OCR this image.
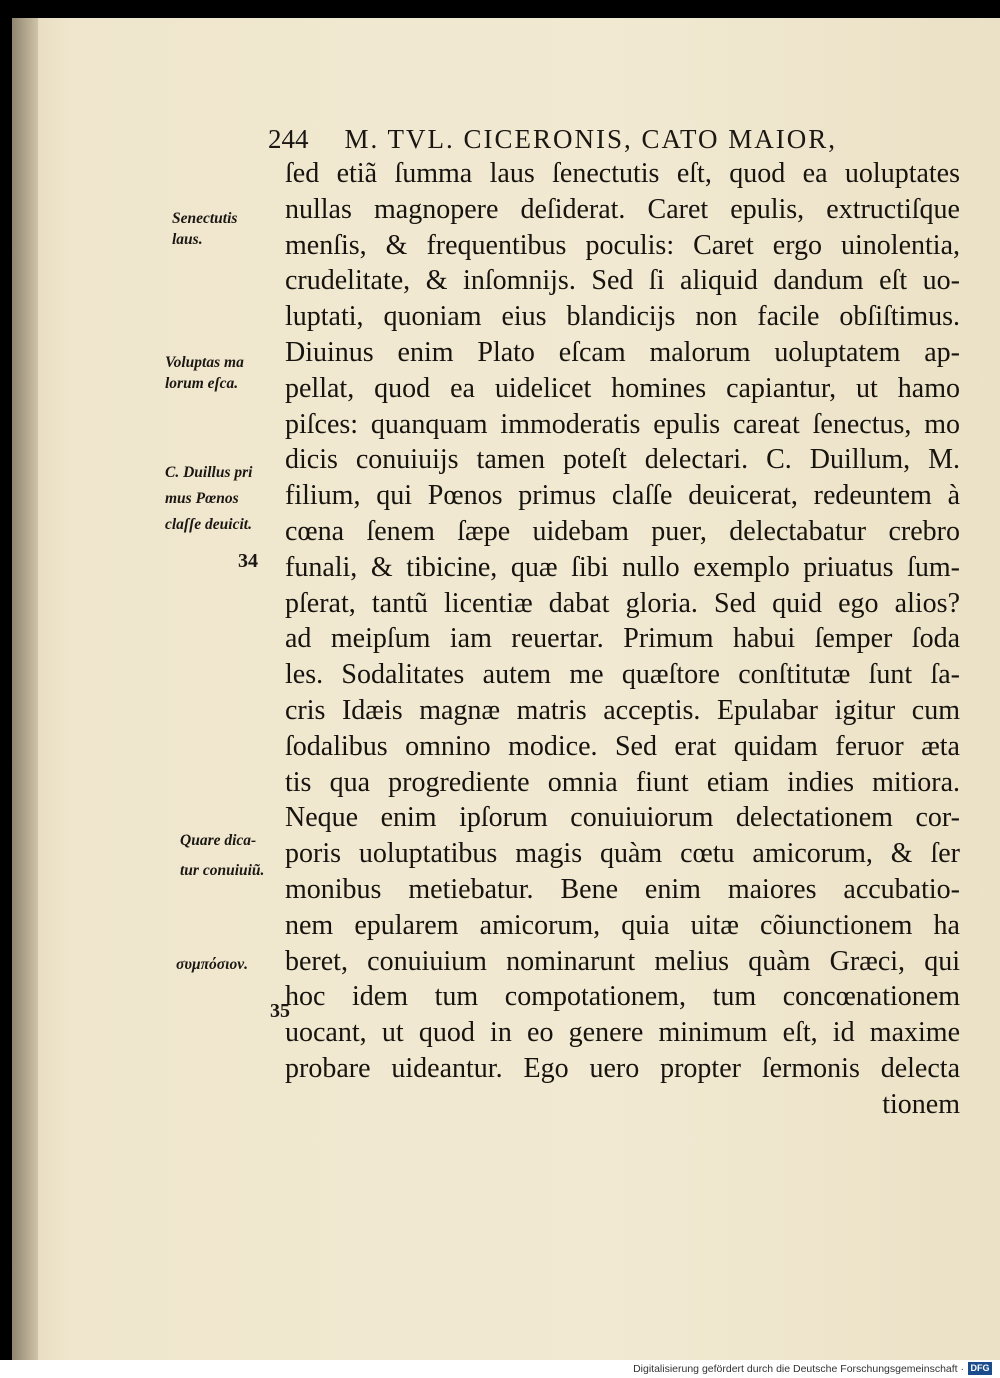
244 M. TVL. CICERONIS, CATO MAIOR,
ſed etiã ſumma laus ſenectutis eſt, quod ea uoluptates
nullas magnopere deſiderat. Caret epulis, extructiſque
menſis, & frequentibus poculis: Caret ergo uinolentia,
crudelitate, & inſomnijs. Sed ſi aliquid dandum eſt uo-
luptati, quoniam eius blandicijs non facile obſiſtimus.
Diuinus enim Plato eſcam malorum uoluptatem ap-
pellat, quod ea uidelicet homines capiantur, ut hamo
piſces: quanquam immoderatis epulis careat ſenectus, mo
dicis conuiuijs tamen poteſt delectari. C. Duillum, M.
filium, qui Pœnos primus claſſe deuicerat, redeuntem à
cœna ſenem ſæpe uidebam puer, delectabatur crebro
funali, & tibicine, quæ ſibi nullo exemplo priuatus ſum-
pſerat, tantũ licentiæ dabat gloria. Sed quid ego alios?
ad meipſum iam reuertar. Primum habui ſemper ſoda
les. Sodalitates autem me quæſtore conſtitutæ ſunt ſa-
cris Idæis magnæ matris acceptis. Epulabar igitur cum
ſodalibus omnino modice. Sed erat quidam feruor æta
tis qua progrediente omnia fiunt etiam indies mitiora.
Neque enim ipſorum conuiuiorum delectationem cor-
poris uoluptatibus magis quàm cœtu amicorum, & ſer
monibus metiebatur. Bene enim maiores accubatio-
nem epularem amicorum, quia uitæ cõiunctionem ha
beret, conuiuium nominarunt melius quàm Græci, qui
hoc idem tum compotationem, tum concœnationem
uocant, ut quod in eo genere minimum eſt, id maxime
probare uideantur. Ego uero propter ſermonis delecta
tionem
Senectutis
laus.
Voluptas ma
lorum eſca.
C. Duillus pri
mus Pœnos
claſſe deuicit.
34
Quare dica-
tur conuiuiũ.
συμπόσιον.
35
Digitalisierung gefördert durch die Deutsche Forschungsgemeinschaft · DFG
